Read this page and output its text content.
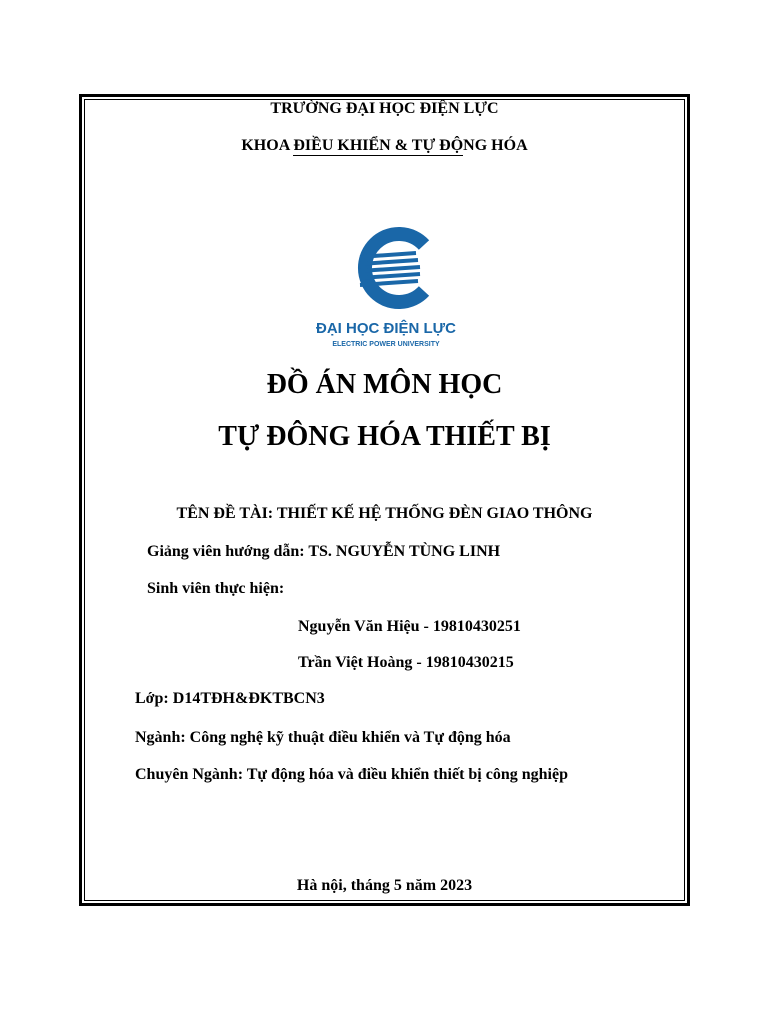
TRƯỜNG ĐẠI HỌC ĐIỆN LỰC
KHOA ĐIỀU KHIỂN & TỰ ĐỘNG HÓA
ĐẠI HỌC ĐIỆN LỰC
ELECTRIC POWER UNIVERSITY
ĐỒ ÁN MÔN HỌC
TỰ ĐÔNG HÓA THIẾT BỊ
TÊN ĐỀ TÀI: THIẾT KẾ HỆ THỐNG ĐÈN GIAO THÔNG
Giảng viên hướng dẫn: TS. NGUYỄN TÙNG LINH
Sinh viên thực hiện:
Nguyễn Văn Hiệu - 19810430251
Trần Việt Hoàng - 19810430215
Lớp: D14TĐH&ĐKTBCN3
Ngành: Công nghệ kỹ thuật điều khiển và Tự động hóa
Chuyên Ngành: Tự động hóa và điều khiển thiết bị công nghiệp
Hà nội, tháng 5 năm 2023
